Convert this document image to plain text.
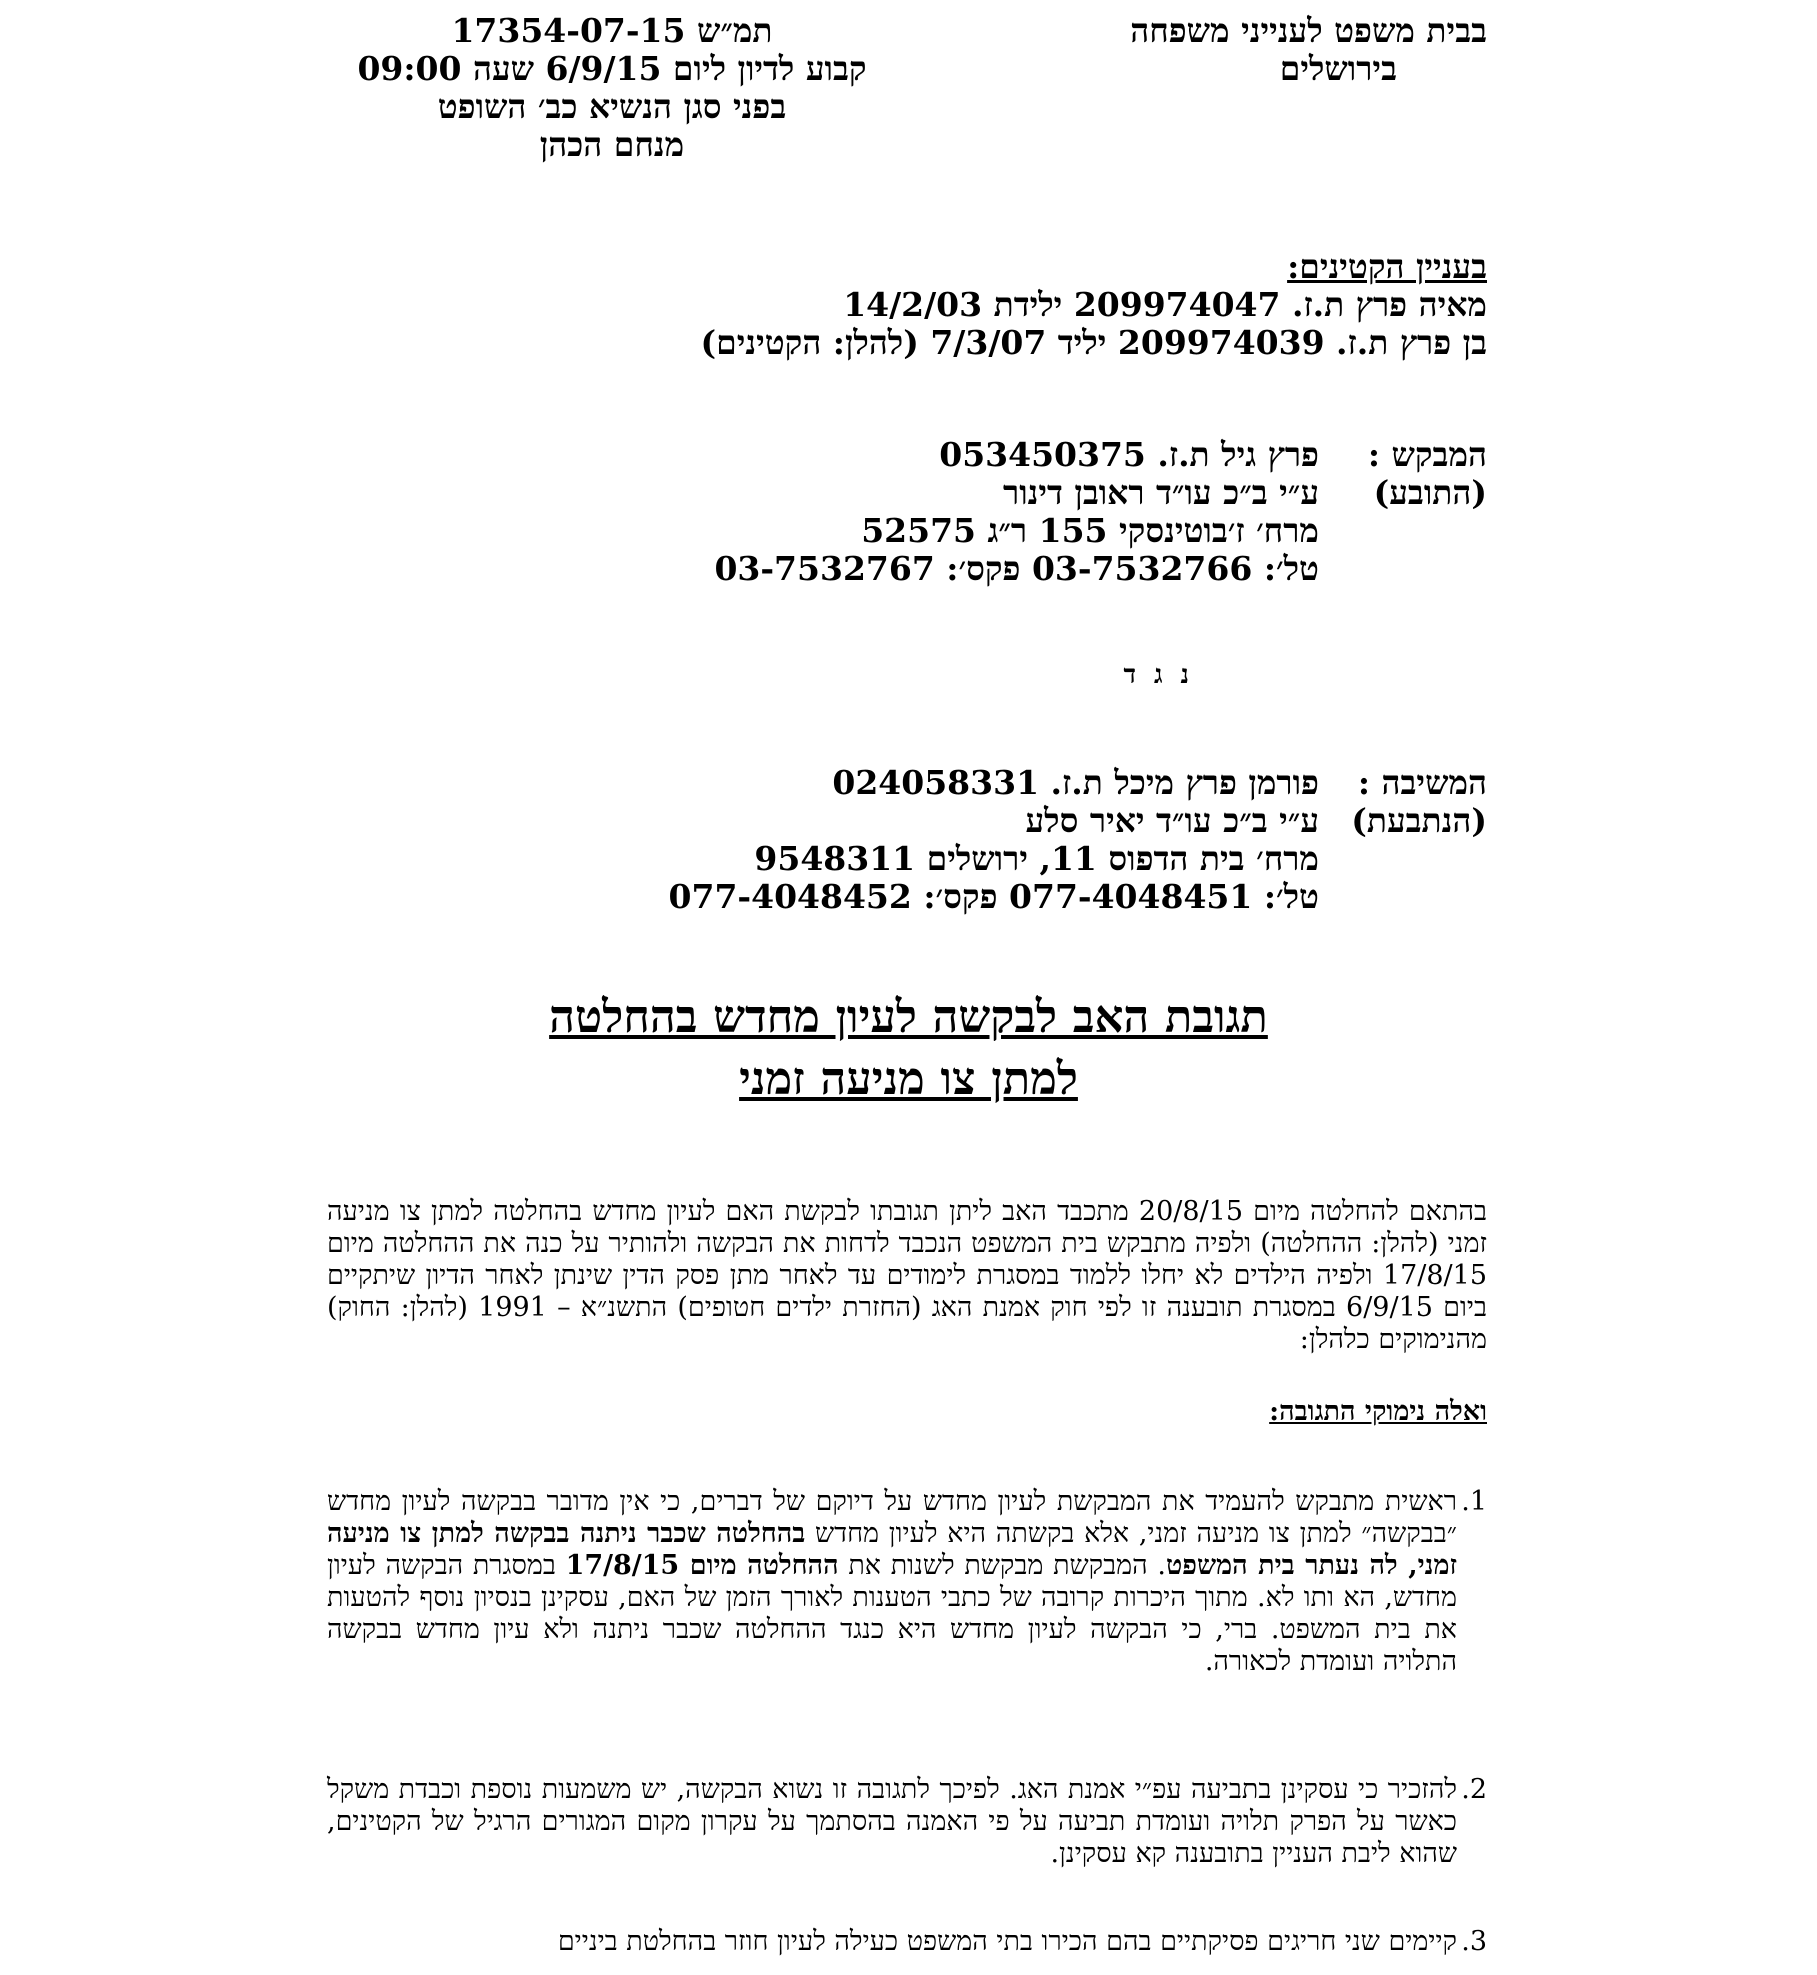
בבית משפט לענייני משפחה
בירושלים
תמ״ש 17354-07-15
קבוע לדיון ליום 6/9/15 שעה 09:00
בפני סגן הנשיא כב׳ השופט
מנחם הכהן
בעניין הקטינים:
מאיה פרץ ת.ז. 209974047 ילידת 14/2/03
בן פרץ ת.ז. 209974039 יליד 7/3/07 (להלן: הקטינים)
המבקש :
פרץ גיל ת.ז. 053450375
(התובע)
ע״י ב״כ עו״ד ראובן דינור
מרח׳ ז׳בוטינסקי 155 ר״ג 52575
טל׳: 03-7532766 פקס׳: 03-7532767
נגד
המשיבה :
פורמן פרץ מיכל ת.ז. 024058331
(הנתבעת)
ע״י ב״כ עו״ד יאיר סלע
מרח׳ בית הדפוס 11, ירושלים 9548311
טל׳: 077-4048451 פקס׳: 077-4048452
תגובת האב לבקשה לעיון מחדש בהחלטה
למתן צו מניעה זמני
בהתאם להחלטה מיום 20/8/15 מתכבד האב ליתן תגובתו לבקשת האם לעיון מחדש בהחלטה למתן צו מניעה זמני (להלן: ההחלטה) ולפיה מתבקש בית המשפט הנכבד לדחות את הבקשה ולהותיר על כנה את ההחלטה מיום 17/8/15 ולפיה הילדים לא יחלו ללמוד במסגרת לימודים עד לאחר מתן פסק הדין שינתן לאחר הדיון שיתקיים ביום 6/9/15 במסגרת תובענה זו לפי חוק אמנת האג (החזרת ילדים חטופים) התשנ״א – 1991 (להלן: החוק) מהנימוקים כלהלן:
ואלה נימוקי התגובה:
1.
ראשית מתבקש להעמיד את המבקשת לעיון מחדש על דיוקם של דברים, כי אין מדובר בבקשה לעיון מחדש ״בבקשה״ למתן צו מניעה זמני, אלא בקשתה היא לעיון מחדש בהחלטה שכבר ניתנה בבקשה למתן צו מניעה זמני, לה נעתר בית המשפט. המבקשת מבקשת לשנות את ההחלטה מיום 17/8/15 במסגרת הבקשה לעיון מחדש, הא ותו לא. מתוך היכרות קרובה של כתבי הטענות לאורך הזמן של האם, עסקינן בנסיון נוסף להטעות את בית המשפט. ברי, כי הבקשה לעיון מחדש היא כנגד ההחלטה שכבר ניתנה ולא עיון מחדש בבקשה התלויה ועומדת לכאורה.
2.
להזכיר כי עסקינן בתביעה עפ״י אמנת האג. לפיכך לתגובה זו נשוא הבקשה, יש משמעות נוספת וכבדת משקל כאשר על הפרק תלויה ועומדת תביעה על פי האמנה בהסתמך על עקרון מקום המגורים הרגיל של הקטינים, שהוא ליבת העניין בתובענה קא עסקינן.
3.
קיימים שני חריגים פסיקתיים בהם הכירו בתי המשפט כעילה לעיון חוזר בהחלטת ביניים
